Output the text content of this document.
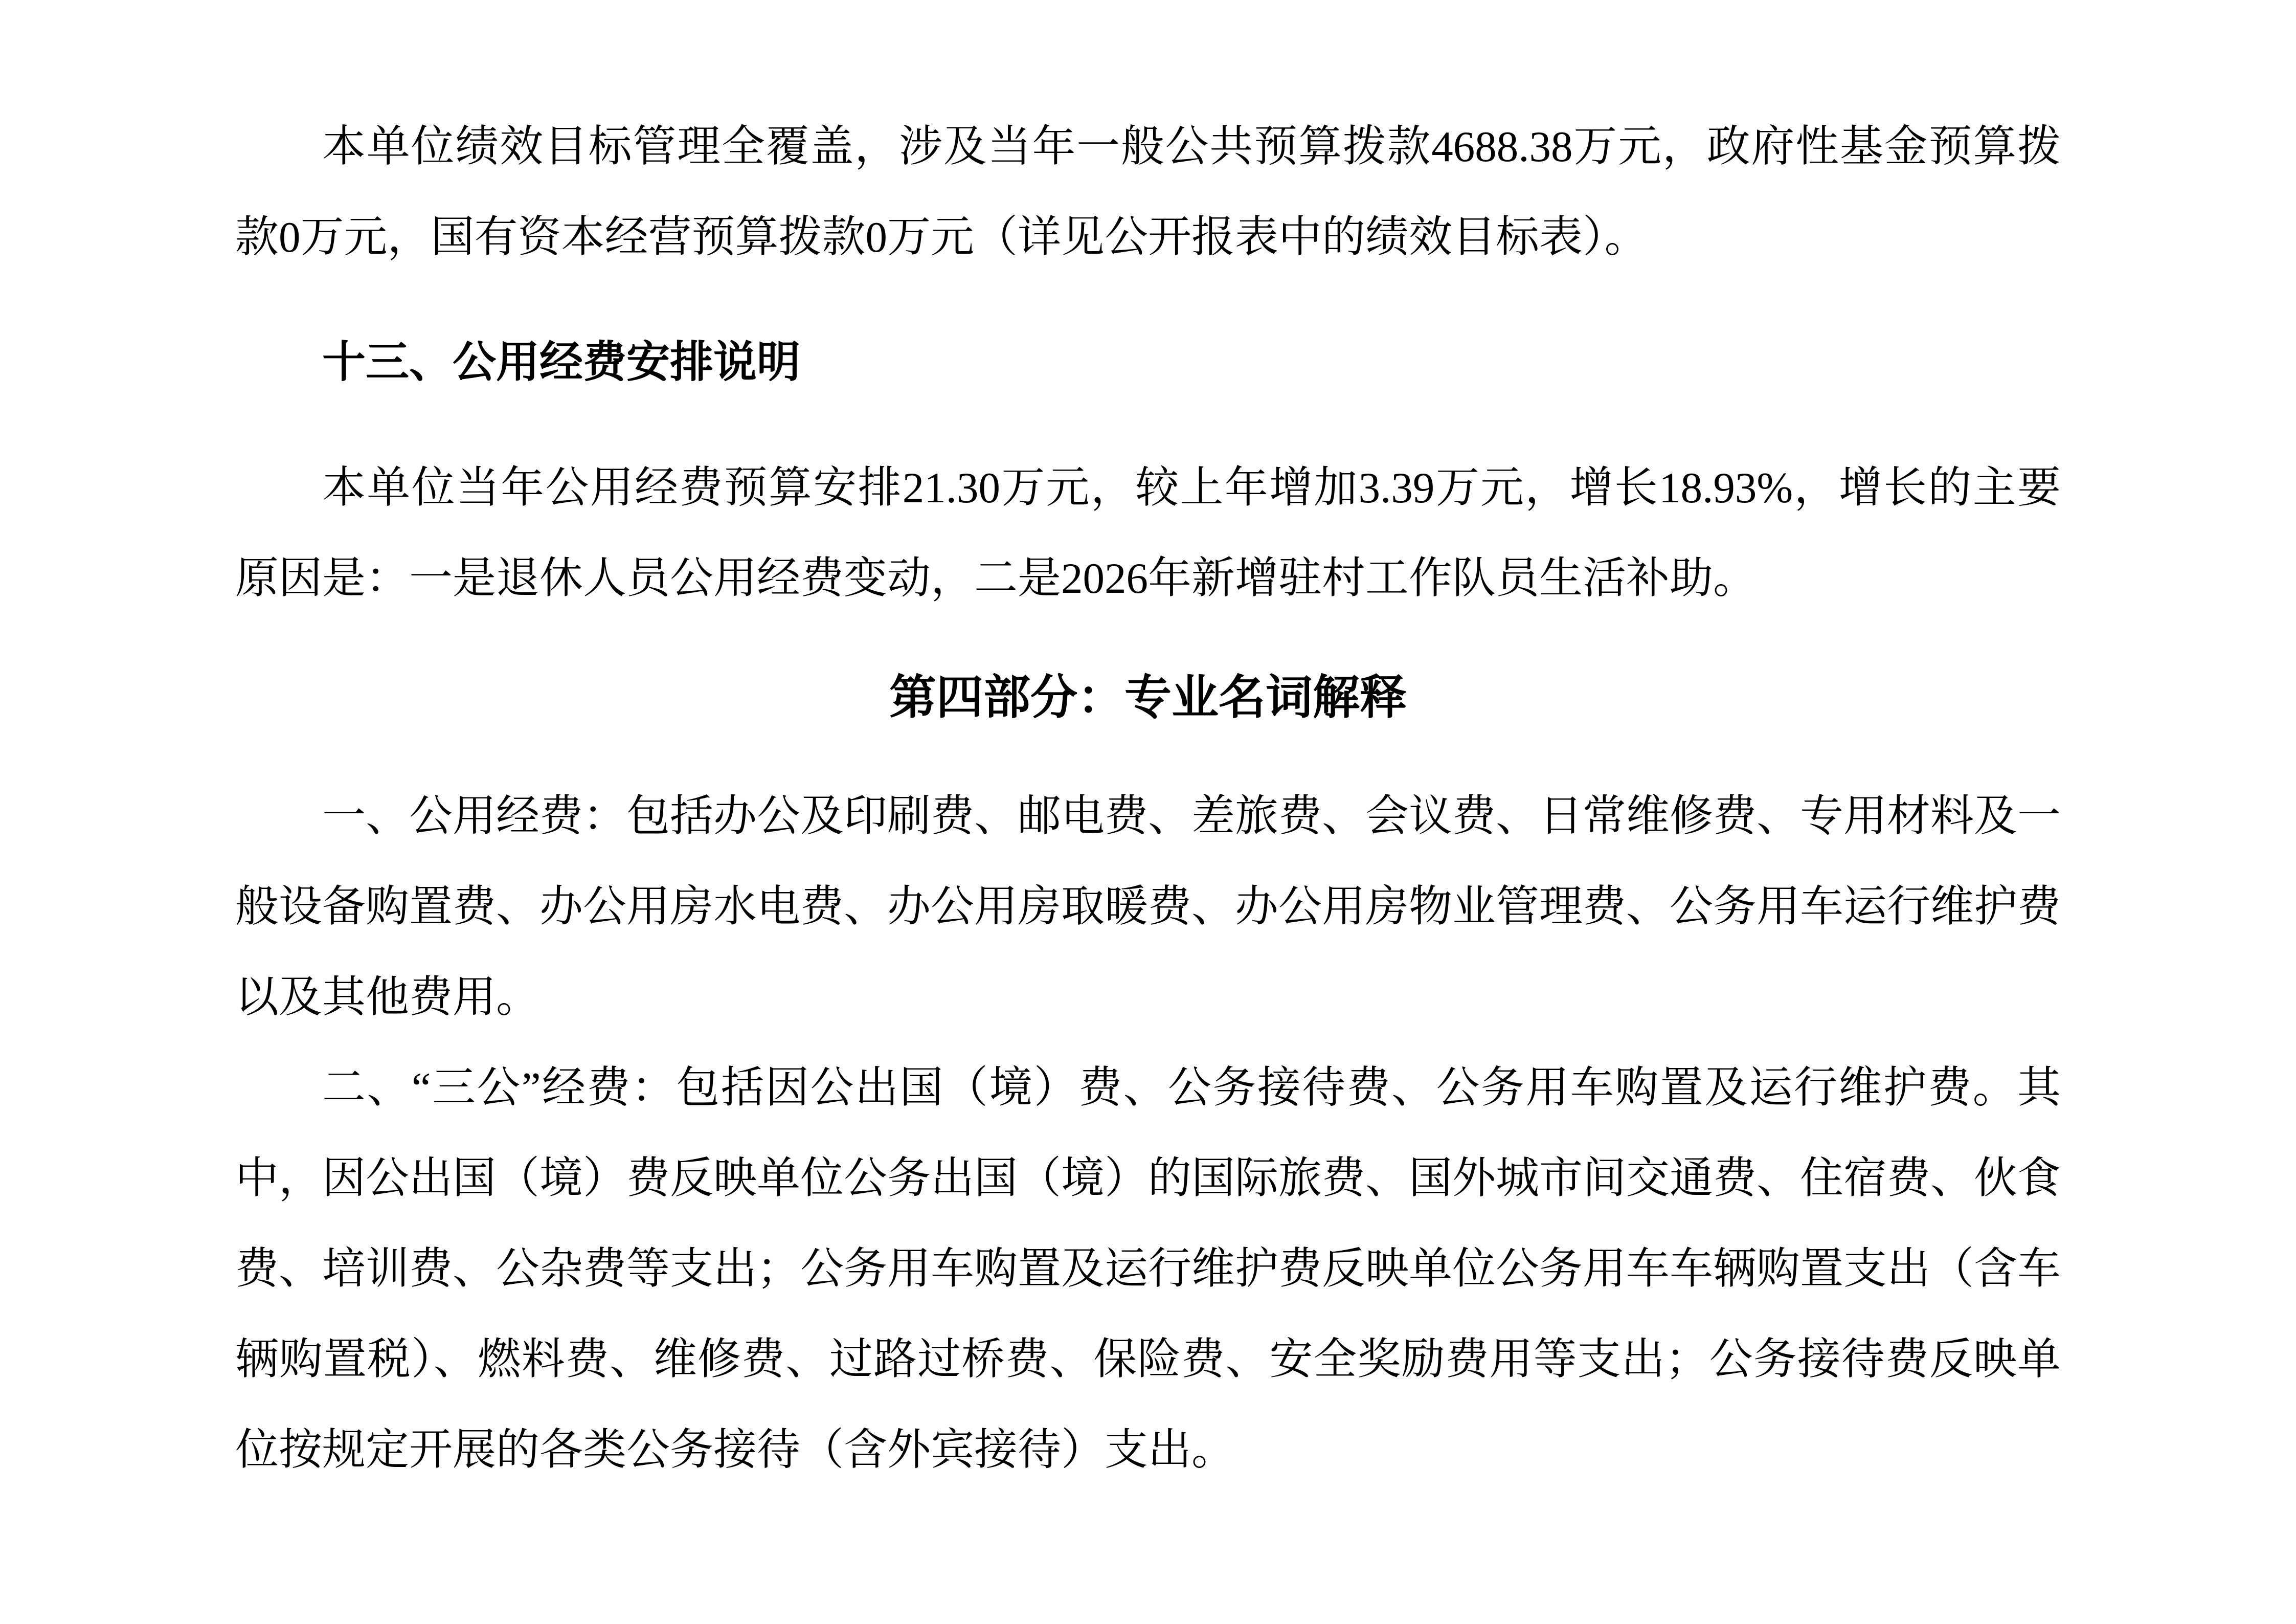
本单位绩效目标管理全覆盖，涉及当年一般公共预算拨款4688.38万元，政府性基金预算拨款0万元，国有资本经营预算拨款0万元（详见公开报表中的绩效目标表）。

十三、公用经费安排说明

本单位当年公用经费预算安排21.30万元，较上年增加3.39万元，增长18.93%，增长的主要原因是：一是退休人员公用经费变动，二是2026年新增驻村工作队员生活补助。

第四部分：专业名词解释

一、公用经费：包括办公及印刷费、邮电费、差旅费、会议费、日常维修费、专用材料及一般设备购置费、办公用房水电费、办公用房取暖费、办公用房物业管理费、公务用车运行维护费以及其他费用。

二、“三公”经费：包括因公出国（境）费、公务接待费、公务用车购置及运行维护费。其中，因公出国（境）费反映单位公务出国（境）的国际旅费、国外城市间交通费、住宿费、伙食费、培训费、公杂费等支出；公务用车购置及运行维护费反映单位公务用车车辆购置支出（含车辆购置税）、燃料费、维修费、过路过桥费、保险费、安全奖励费用等支出；公务接待费反映单位按规定开展的各类公务接待（含外宾接待）支出。
